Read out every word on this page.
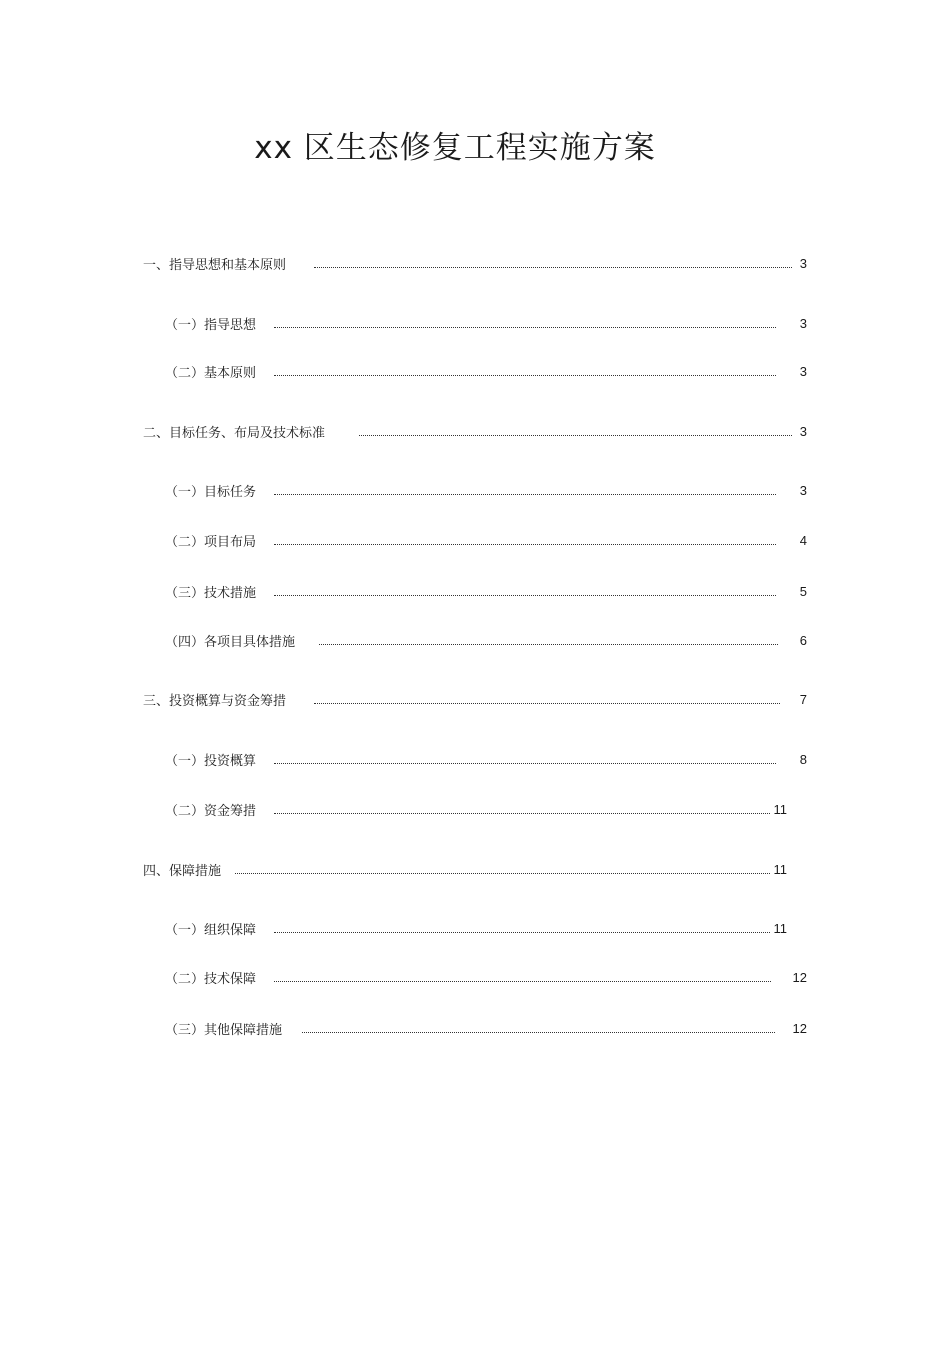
xx 区生态修复工程实施方案
一、指导思想和基本原则	3
（一）指导思想	3
（二）基本原则	3
二、目标任务、布局及技术标准	3
（一）目标任务	3
（二）项目布局	4
（三）技术措施	5
（四）各项目具体措施	6
三、投资概算与资金筹措	7
（一）投资概算	8
（二）资金筹措	11
四、保障措施	11
（一）组织保障	11
（二）技术保障	12
（三）其他保障措施	12
